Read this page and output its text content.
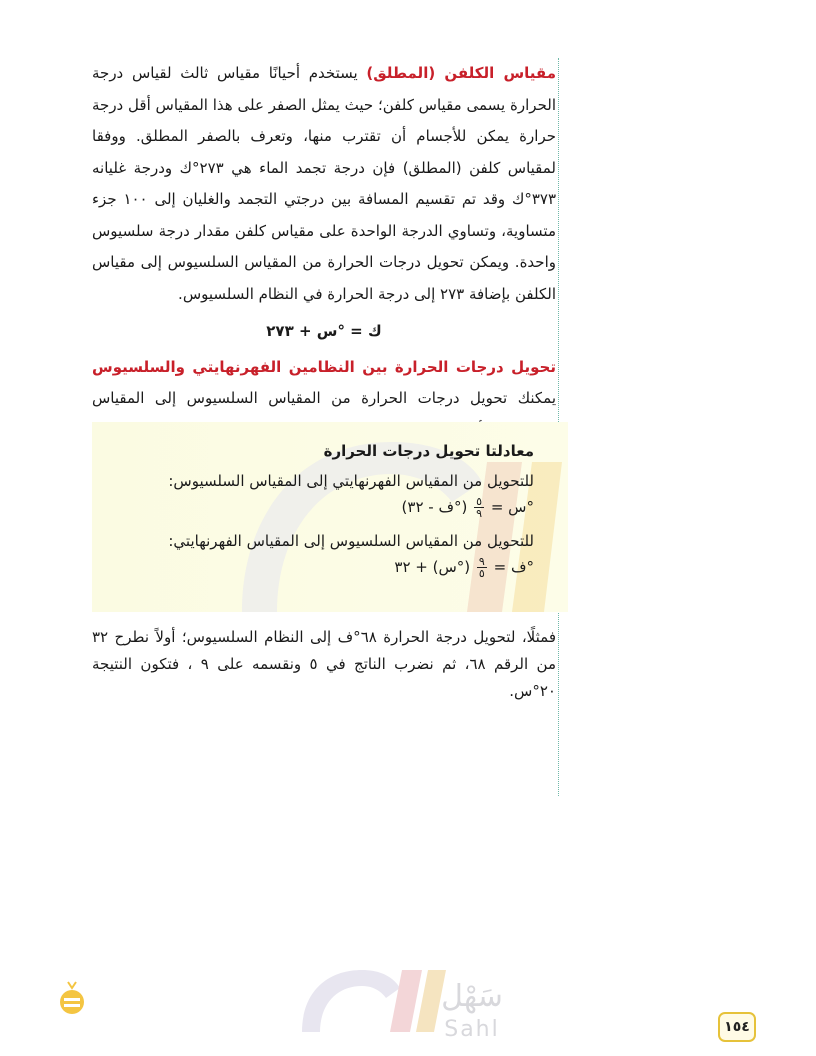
مقياس الكلفن (المطلق) يستخدم أحيانًا مقياس ثالث لقياس درجة الحرارة يسمى مقياس كلفن؛ حيث يمثل الصفر على هذا المقياس أقل درجة حرارة يمكن للأجسام أن تقترب منها، وتعرف بالصفر المطلق. ووفقا لمقياس كلفن (المطلق) فإن درجة تجمد الماء هي ٢٧٣°ك ودرجة غليانه ٣٧٣°ك وقد تم تقسيم المسافة بين درجتي التجمد والغليان إلى ١٠٠ جزء متساوية، وتساوي الدرجة الواحدة على مقياس كلفن مقدار درجة سلسيوس واحدة. ويمكن تحويل درجات الحرارة من المقياس السلسيوس إلى مقياس الكلفن بإضافة ٢٧٣ إلى درجة الحرارة في النظام السلسيوس.

ك = °س + ٢٧٣

تحويل درجات الحرارة بين النظامين الفهرنهايتي والسلسيوس يمكنك تحويل درجات الحرارة من المقياس السلسيوس إلى المقياس

معادلتا تحويل درجات الحرارة

للتحويل من المقياس الفهرنهايتي إلى المقياس السلسيوس:

°س =
$\frac{٥}{٩}$
(°ف - ٣٢)

للتحويل من المقياس السلسيوس إلى المقياس الفهرنهايتي:

°ف =
$\frac{٩}{٥}$
(°س) + ٣٢

فمثلًا، لتحويل درجة الحرارة ٦٨°ف إلى النظام السلسيوس؛ أولاً نطرح ٣٢ من الرقم ٦٨، ثم نضرب الناتج في ٥ ونقسمه على ٩ ، فتكون النتيجة ٢٠°س.
سَهْل
Sahl	١٥٤
